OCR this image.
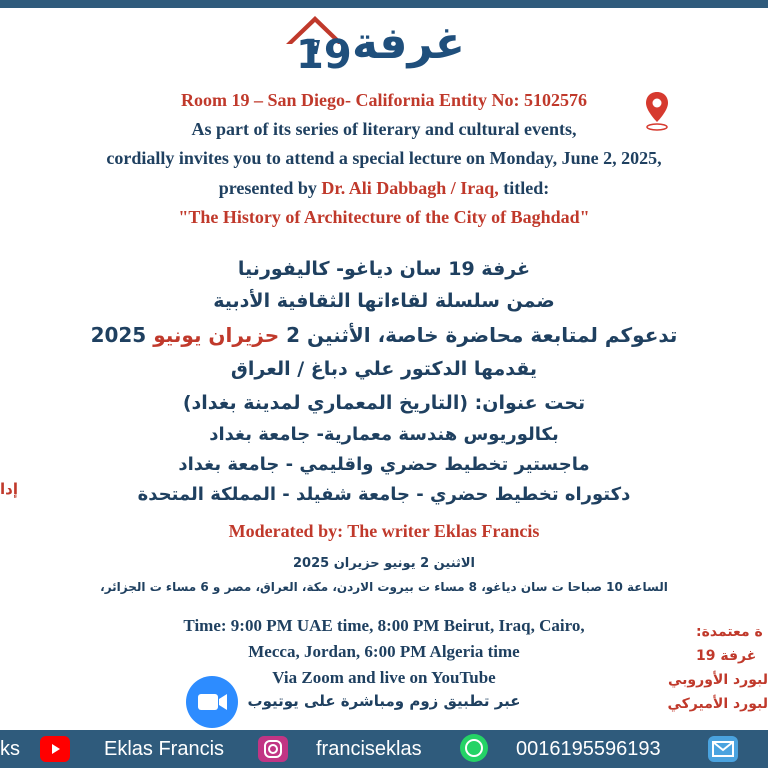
19 غرفة
Room 19 – San Diego- California Entity No: 5102576
As part of its series of literary and cultural events,
cordially invites you to attend a special lecture on Monday, June 2, 2025,
presented by Dr. Ali Dabbagh / Iraq, titled:
"The History of Architecture of the City of Baghdad"
غرفة 19 سان دياغو- كاليفورنيا
ضمن سلسلة لقاءاتها الثقافية الأدبية
تدعوكم لمتابعة محاضرة خاصة، الأثنين 2 حزيران يونيو 2025
يقدمها الدكتور علي دباغ / العراق
تحت عنوان: (التاريخ المعماري لمدينة بغداد)
بكالوريوس هندسة معمارية- جامعة بغداد
ماجستير تخطيط حضري واقليمي - جامعة بغداد
دكتوراه تخطيط حضري - جامعة شفيلد - المملكة المتحدة
إدا
Moderated by: The writer Eklas Francis
الاثنين 2 يونيو حزيران 2025
الساعة 10 صباحا ت سان دياغو، 8 مساء ت بيروت الاردن، مكة، العراق، مصر و 6 مساء ت الجزائر،
Time: 9:00 PM UAE time, 8:00 PM Beirut, Iraq, Cairo,
Mecca, Jordan, 6:00 PM Algeria time
Via Zoom and live on YouTube
عبر تطبيق زوم ومباشرة على يوتيوب
ة معتمدة:
غرفة 19
لبورد الأوروبي
لبورد الأميركي
ks	Eklas Francis	franciseklas	0016195596193
